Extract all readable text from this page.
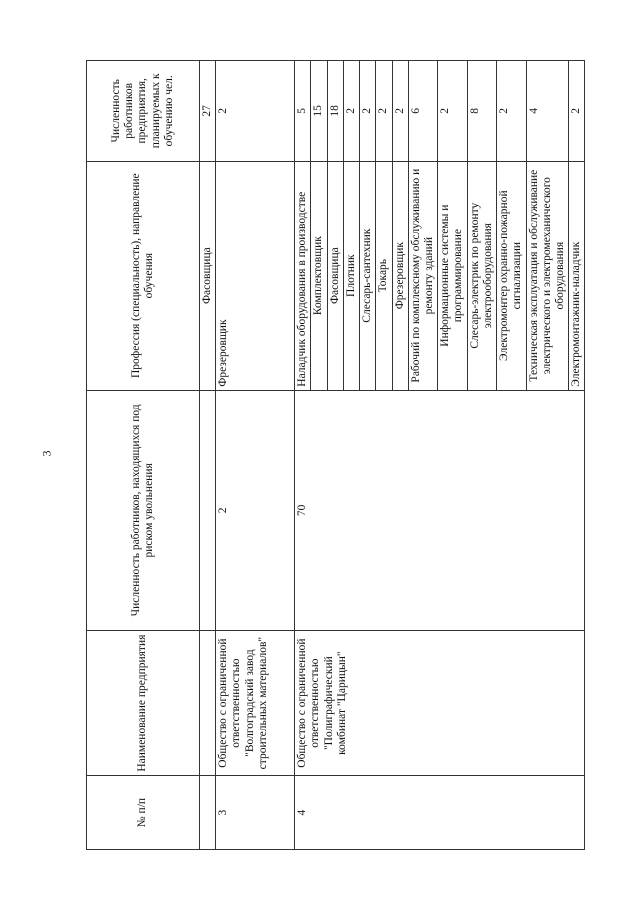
3
№ п/п	Наименование предприятия	Численность работников, находящихся под риском увольнения	Профессия (специальность), направление обучения	Численность работников предприятия, планируемых к обучению чел.
			Фасовщица	27
3	Общество с ограниченной ответственностью "Волгоградский завод строительных материалов"	2	Фрезеровщик	2
4	Общество с ограниченной ответственностью "Полиграфический комбинат "Царицын"	70	Наладчик оборудования в производстве	5
			Комплектовщик	15
			Фасовщица	18
			Плотник	2
			Слесарь-сантехник	2
			Токарь	2
			Фрезеровщик	2
			Рабочий по комплексному обслуживанию и ремонту зданий	6
			Информационные системы и программирование	2
			Слесарь-электрик по ремонту электрооборудования	8
			Электромонтер охранно-пожарной сигнализации	2
			Техническая эксплуатация и обслуживание электрического и электромеханического оборудования	4
			Электромонтажник-наладчик	2
